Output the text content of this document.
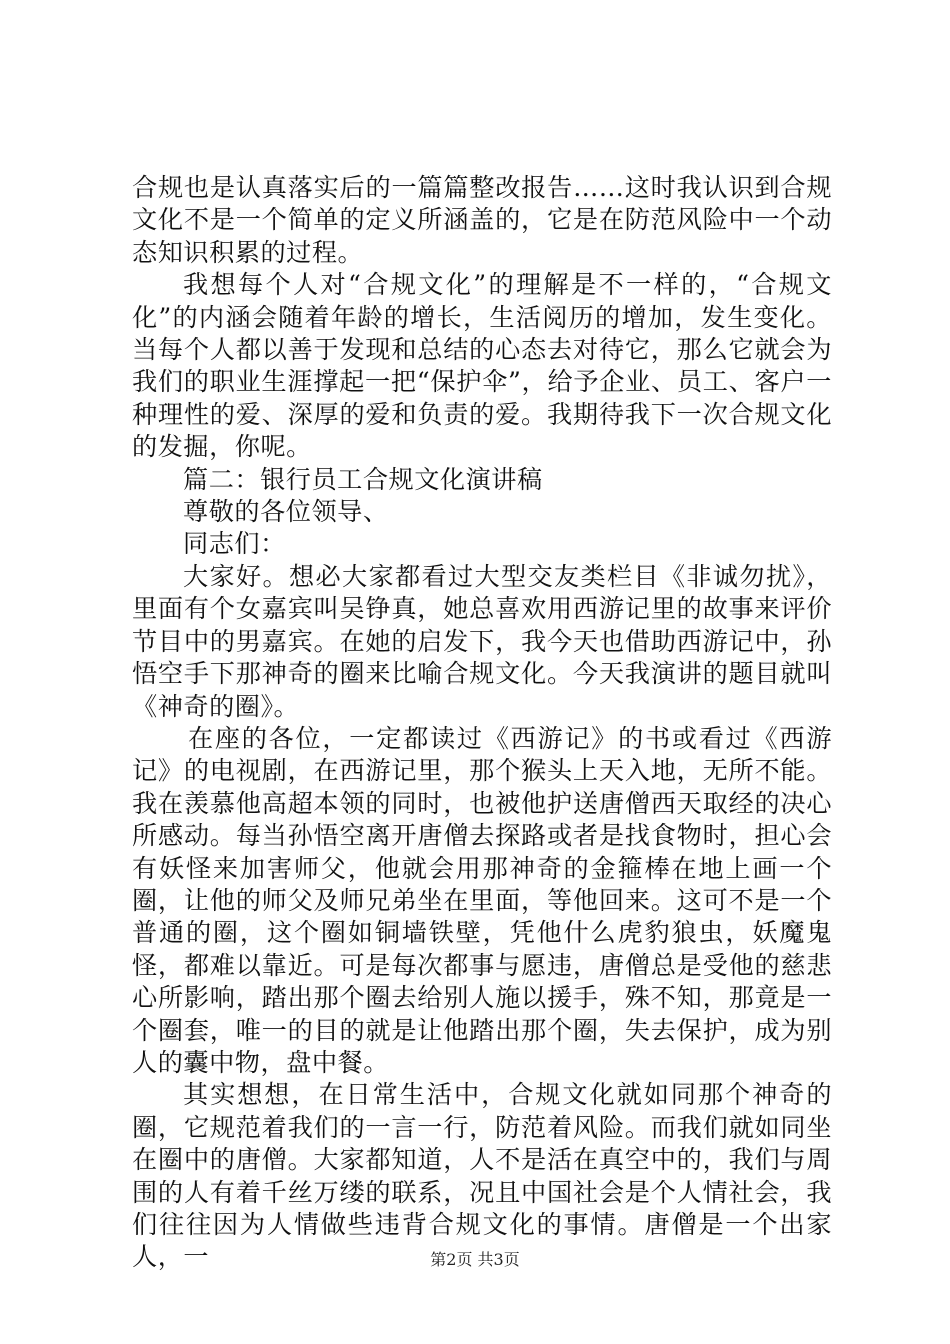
合规也是认真落实后的一篇篇整改报告……这时我认识到合规文化不是一个简单的定义所涵盖的，它是在防范风险中一个动态知识积累的过程。

我想每个人对“合规文化”的理解是不一样的，“合规文化”的内涵会随着年龄的增长，生活阅历的增加，发生变化。当每个人都以善于发现和总结的心态去对待它，那么它就会为我们的职业生涯撑起一把“保护伞”，给予企业、员工、客户一种理性的爱、深厚的爱和负责的爱。我期待我下一次合规文化的发掘，你呢。

篇二：银行员工合规文化演讲稿

尊敬的各位领导、

同志们：

大家好。想必大家都看过大型交友类栏目《非诚勿扰》，里面有个女嘉宾叫吴铮真，她总喜欢用西游记里的故事来评价节目中的男嘉宾。在她的启发下，我今天也借助西游记中，孙悟空手下那神奇的圈来比喻合规文化。今天我演讲的题目就叫《神奇的圈》。

在座的各位，一定都读过《西游记》的书或看过《西游记》的电视剧，在西游记里，那个猴头上天入地，无所不能。我在羡慕他高超本领的同时，也被他护送唐僧西天取经的决心所感动。每当孙悟空离开唐僧去探路或者是找食物时，担心会有妖怪来加害师父，他就会用那神奇的金箍棒在地上画一个圈，让他的师父及师兄弟坐在里面，等他回来。这可不是一个普通的圈，这个圈如铜墙铁壁，凭他什么虎豹狼虫，妖魔鬼怪，都难以靠近。可是每次都事与愿违，唐僧总是受他的慈悲心所影响，踏出那个圈去给别人施以援手，殊不知，那竟是一个圈套，唯一的目的就是让他踏出那个圈，失去保护，成为别人的囊中物，盘中餐。

其实想想，在日常生活中，合规文化就如同那个神奇的圈，它规范着我们的一言一行，防范着风险。而我们就如同坐在圈中的唐僧。大家都知道，人不是活在真空中的，我们与周围的人有着千丝万缕的联系，况且中国社会是个人情社会，我们往往因为人情做些违背合规文化的事情。唐僧是一个出家人，一	第2页 共3页
